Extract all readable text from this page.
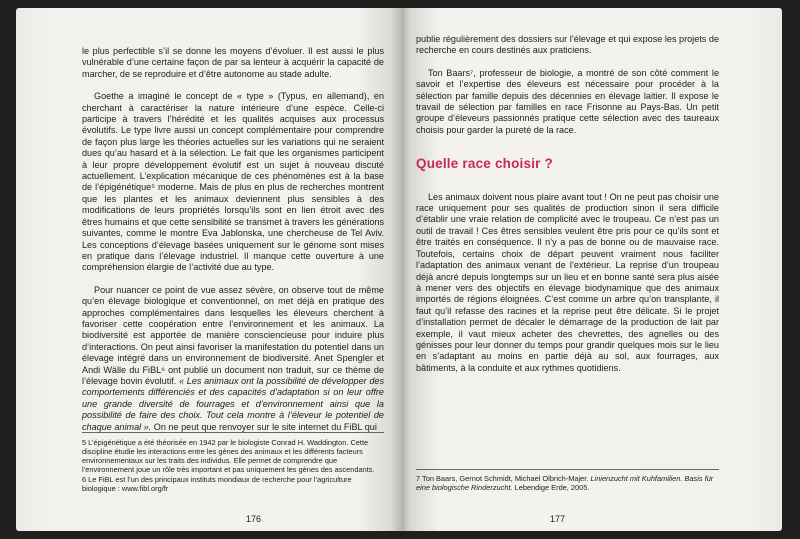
le plus perfectible s’il se donne les moyens d’évoluer. Il est aussi le plus vulnérable d’une certaine façon de par sa lenteur à acquérir la capacité de marcher, de se reproduire et d’être autonome au stade adulte.

Goethe a imaginé le concept de « type » (Typus, en allemand), en cherchant à caractériser la nature intérieure d’une espèce. Celle-ci participe à travers l’hérédité et les qualités acquises aux processus évolutifs. Le type livre aussi un concept complémentaire pour comprendre de façon plus large les théories actuelles sur les variations qui ne seraient dues qu’au hasard et à la sélection. Le fait que les organismes participent à leur propre développement évolutif est un sujet à nouveau discuté actuellement. L’explication mécanique de ces phénomènes est à la base de l’épigénétique⁵ moderne. Mais de plus en plus de recherches montrent que les plantes et les animaux deviennent plus sensibles à des modifications de leurs propriétés lorsqu’ils sont en lien étroit avec des êtres humains et que cette sensibilité se transmet à travers les générations suivantes, comme le montre Eva Jablonska, une chercheuse de Tel Aviv. Les conceptions d’élevage basées uniquement sur le génome sont mises en pratique dans l’élevage industriel. Il manque cette ouverture à une compréhension élargie de l’activité due au type.

Pour nuancer ce point de vue assez sévère, on observe tout de même qu’en élevage biologique et conventionnel, on met déjà en pratique des approches complémentaires dans lesquelles les éleveurs cherchent à favoriser cette coopération entre l’environnement et les animaux. La biodiversité est apportée de manière consciencieuse pour induire plus d’interactions. On peut ainsi favoriser la manifestation du potentiel dans un élevage intégré dans un environnement de biodiversité. Anet Spengler et Andi Wälle du FiBL⁶ ont publié un document non traduit, sur ce thème de l’élevage bovin évolutif. « Les animaux ont la possibilité de développer des comportements différenciés et des capacités d’adaptation si on leur offre une grande diversité de fourrages et d’environnement ainsi que la possibilité de faire des choix. Tout cela montre à l’éleveur le potentiel de chaque animal ». On ne peut que renvoyer sur le site internet du FiBL qui

5 L’épigénétique a été théorisée en 1942 par le biologiste Conrad H. Waddington. Cette discipline étudie les interactions entre les gènes des animaux et les différents facteurs environnementaux sur les traits des individus. Elle permet de comprendre que l’environnement joue un rôle très important et pas uniquement les gènes des ascendants.

6 Le FiBL est l’un des principaux instituts mondiaux de recherche pour l’agriculture biologique : www.fibl.org/fr

176

publie régulièrement des dossiers sur l’élevage et qui expose les projets de recherche en cours destinés aux praticiens.

Ton Baars⁷, professeur de biologie, a montré de son côté comment le savoir et l’expertise des éleveurs est nécessaire pour procéder à la sélection par famille depuis des décennies en élevage laitier. Il expose le travail de sélection par familles en race Frisonne au Pays-Bas. Un petit groupe d’éleveurs passionnés pratique cette sélection avec des taureaux choisis pour garder la pureté de la race.

Quelle race choisir ?

Les animaux doivent nous plaire avant tout ! On ne peut pas choisir une race uniquement pour ses qualités de production sinon il sera difficile d’établir une vraie relation de complicité avec le troupeau. Ce n’est pas un outil de travail ! Ces êtres sensibles veulent être pris pour ce qu’ils sont et être traités en conséquence. Il n’y a pas de bonne ou de mauvaise race. Toutefois, certains choix de départ peuvent vraiment nous faciliter l’adaptation des animaux venant de l’extérieur. La reprise d’un troupeau déjà ancré depuis longtemps sur un lieu et en bonne santé sera plus aisée à mener vers des objectifs en élevage biodynamique que des animaux importés de régions éloignées. C’est comme un arbre qu’on transplante, il faut qu’il refasse des racines et la reprise peut être délicate. Si le projet d’installation permet de décaler le démarrage de la production de lait par exemple, il vaut mieux acheter des chevrettes, des agnelles ou des génisses pour leur donner du temps pour grandir quelques mois sur le lieu en s’adaptant au moins en partie déjà au sol, aux fourrages, aux bâtiments, à la conduite et aux rythmes quotidiens.

7 Ton Baars, Gernot Schmidt, Michael Olbrich-Majer. Linienzucht mit Kuhfamilien. Basis für eine biologische Rinderzucht. Lebendige Erde, 2005.

177
